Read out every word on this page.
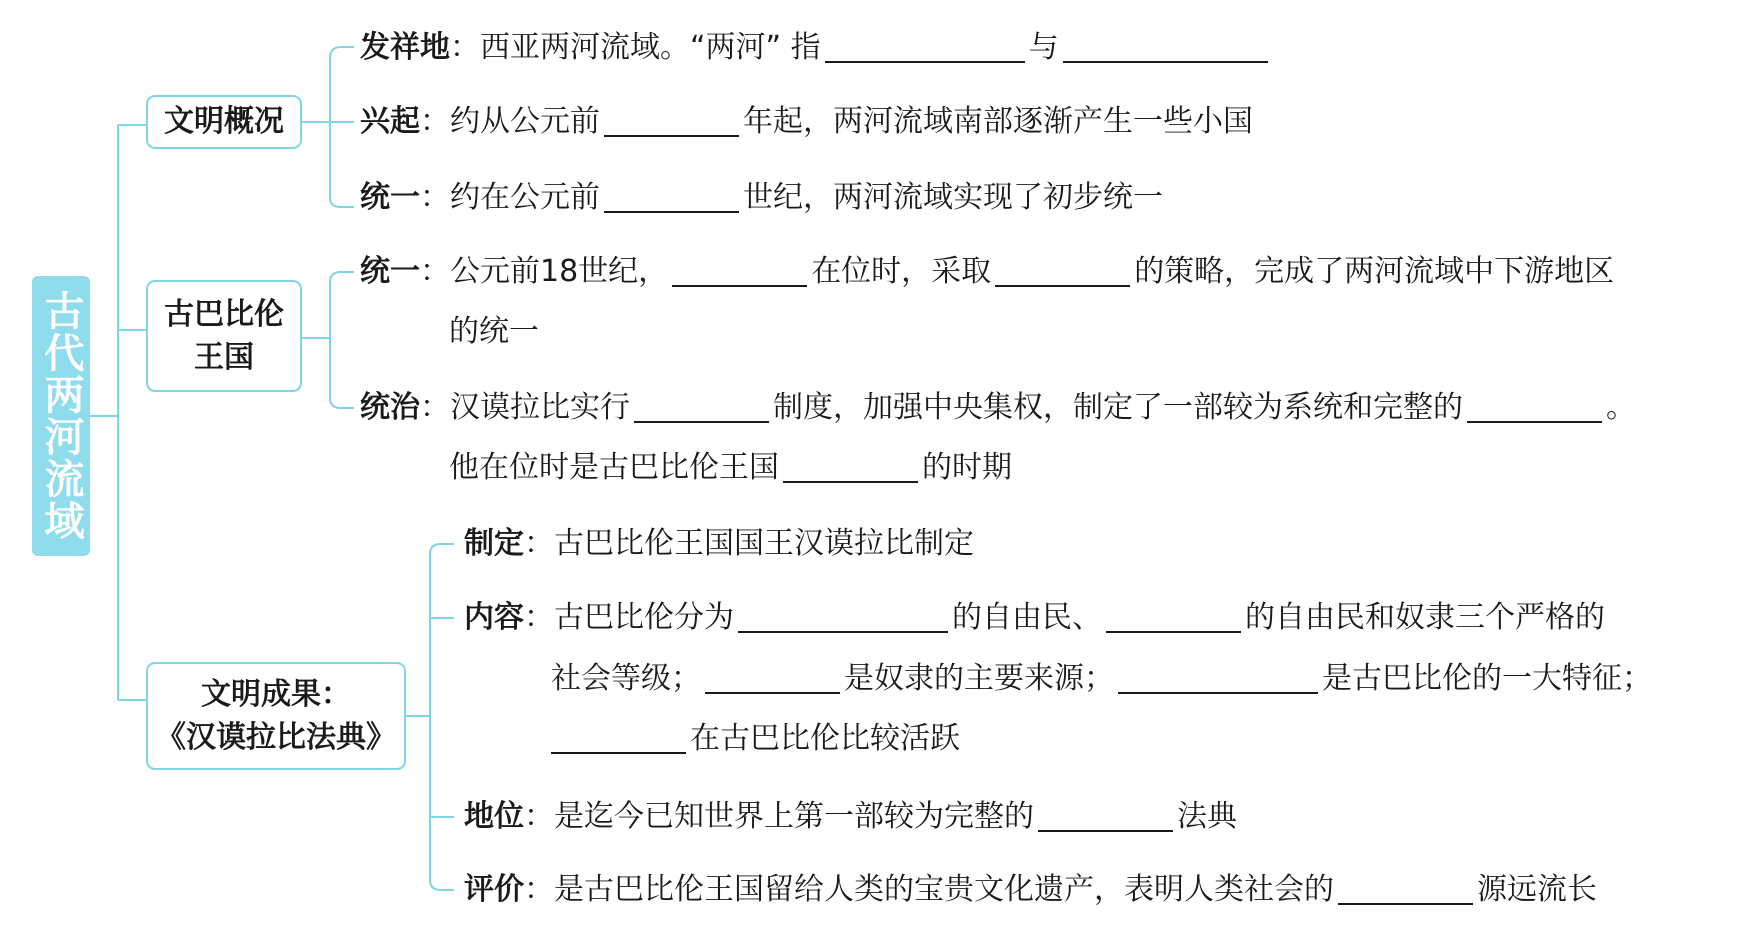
古代两河流域
文明概况
发祥地：西亚两河流域。“两河” 指	与
兴起：约从公元前	年起，两河流域南部逐渐产生一些小国
统一：约在公元前	世纪，两河流域实现了初步统一
古巴比伦
王国
统一：公元前18世纪，	在位时，采取	的策略，完成了两河流域中下游地区
的统一
统治：汉谟拉比实行	制度，加强中央集权，制定了一部较为系统和完整的	。
他在位时是古巴比伦王国	的时期
文明成果：
《汉谟拉比法典》
制定：古巴比伦王国国王汉谟拉比制定
内容：古巴比伦分为	的自由民、	的自由民和奴隶三个严格的
社会等级；	是奴隶的主要来源；	是古巴比伦的一大特征；
在古巴比伦比较活跃
地位：是迄今已知世界上第一部较为完整的	法典
评价：是古巴比伦王国留给人类的宝贵文化遗产，表明人类社会的	源远流长
